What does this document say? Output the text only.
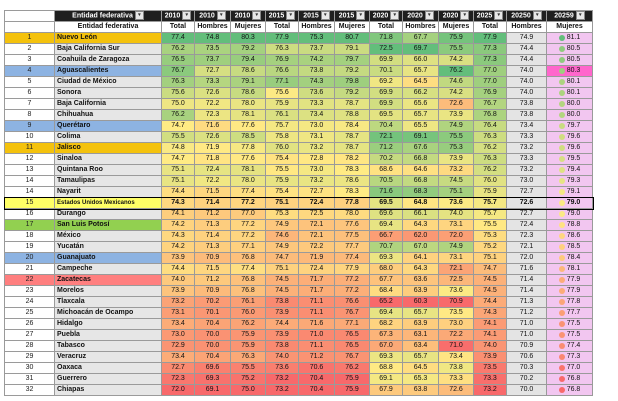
	Entidad federativa ▾	2010 ▾	2010 ▾	2010 ▾	2015 ▾	2015 ▾	2015 ▾	2020 ▾	2020 ▾	2020 ▾	2025 ▾	20250 ▾	20259 ▾
	Entidad federativa	Total	Hombres	Mujeres	Total	Hombres	Mujeres	Total	Hombres	Mujeres	Total	Hombres	Mujeres
1	Nuevo León	77.4	74.8	80.3	77.9	75.3	80.7	71.8	67.7	75.9	77.9	74.9	81.1
2	Baja California Sur	76.2	73.5	79.2	76.3	73.7	79.1	72.5	69.7	75.5	77.3	74.4	80.5
3	Coahuila de Zaragoza	76.5	73.7	79.4	76.9	74.2	79.7	69.9	66.0	74.2	77.3	74.4	80.5
4	Aguascalientes	76.7	72.7	78.6	76.6	73.8	79.2	70.1	65.7	76.2	77.0	74.0	80.3
5	Ciudad de México	76.3	73.3	79.1	77.1	74.3	79.8	69.2	64.5	74.6	77.0	74.0	80.1
6	Sonora	75.6	72.6	78.6	75.6	73.6	79.2	69.9	66.2	74.2	76.9	74.0	80.1
7	Baja California	75.0	72.2	78.0	75.9	73.3	78.7	69.9	65.6	72.6	76.7	73.8	80.0
8	Chihuahua	76.2	72.3	78.1	76.1	73.4	78.8	69.5	65.7	73.9	76.8	73.8	80.0
9	Querétaro	74.7	71.6	77.6	75.7	73.0	78.4	70.4	65.5	74.9	76.4	73.4	79.7
10	Colima	75.5	72.6	78.5	75.8	73.1	78.7	72.1	69.1	75.5	76.3	73.3	79.6
11	Jalisco	74.8	71.9	77.8	76.0	73.2	78.7	71.2	67.6	75.3	76.2	73.2	79.6
12	Sinaloa	74.7	71.8	77.6	75.4	72.8	78.2	70.2	66.8	73.9	76.3	73.3	79.5
13	Quintana Roo	75.1	72.4	78.1	75.5	73.0	78.3	68.6	64.6	73.2	76.2	73.2	79.4
14	Tamaulipas	75.1	72.2	78.0	75.9	73.2	78.6	70.5	66.8	74.5	76.0	73.0	79.3
14	Nayarit	74.4	71.5	77.4	75.4	72.7	78.3	71.6	68.3	75.1	75.9	72.7	79.1
15	Estados Unidos Mexicanos	74.3	71.4	77.2	75.1	72.4	77.8	69.5	64.8	73.6	75.7	72.6	79.0
16	Durango	74.1	71.2	77.0	75.3	72.5	78.0	69.6	66.1	74.0	75.7	72.7	79.0
17	San Luis Potosí	74.2	71.3	77.2	74.9	72.1	77.6	69.4	64.3	73.1	75.5	72.4	78.8
18	México	74.3	71.4	77.2	74.6	72.1	77.5	66.7	62.0	72.0	75.3	72.3	78.6
19	Yucatán	74.2	71.3	77.1	74.9	72.2	77.7	70.7	67.0	74.9	75.2	72.1	78.5
20	Guanajuato	73.9	70.9	76.8	74.7	71.9	77.4	69.3	64.1	73.1	75.1	72.0	78.4
21	Campeche	74.4	71.5	77.4	75.1	72.4	77.9	68.0	64.3	72.1	74.7	71.6	78.1
22	Zacatecas	74.0	71.2	76.8	74.5	71.7	77.2	67.7	63.6	72.5	74.5	71.4	77.9
23	Morelos	73.9	70.9	76.8	74.5	71.7	77.2	68.4	63.9	73.6	74.5	71.4	77.9
24	Tlaxcala	73.2	70.2	76.1	73.8	71.1	76.6	65.2	60.3	70.9	74.4	71.3	77.8
25	Michoacán de Ocampo	73.1	70.1	76.0	73.9	71.1	76.7	69.4	65.7	73.5	74.3	71.2	77.7
26	Hidalgo	73.4	70.4	76.2	74.4	71.6	77.1	68.2	63.9	73.0	74.1	71.0	77.5
27	Puebla	73.0	70.0	75.9	73.9	71.0	76.5	67.3	63.1	72.2	74.1	71.0	77.5
28	Tabasco	72.9	70.0	75.9	73.8	71.1	76.5	67.0	63.4	71.0	74.0	70.9	77.4
29	Veracruz	73.4	70.4	76.3	74.0	71.2	76.7	69.3	65.7	73.4	73.9	70.6	77.3
30	Oaxaca	72.7	69.6	75.5	73.6	70.6	76.2	68.8	64.5	73.8	73.5	70.3	77.0
31	Guerrero	72.3	69.3	75.2	73.2	70.4	75.9	69.1	65.3	73.3	73.3	70.2	76.8
32	Chiapas	72.0	69.1	75.0	73.2	70.4	75.9	67.9	63.8	72.6	73.2	70.0	76.8
